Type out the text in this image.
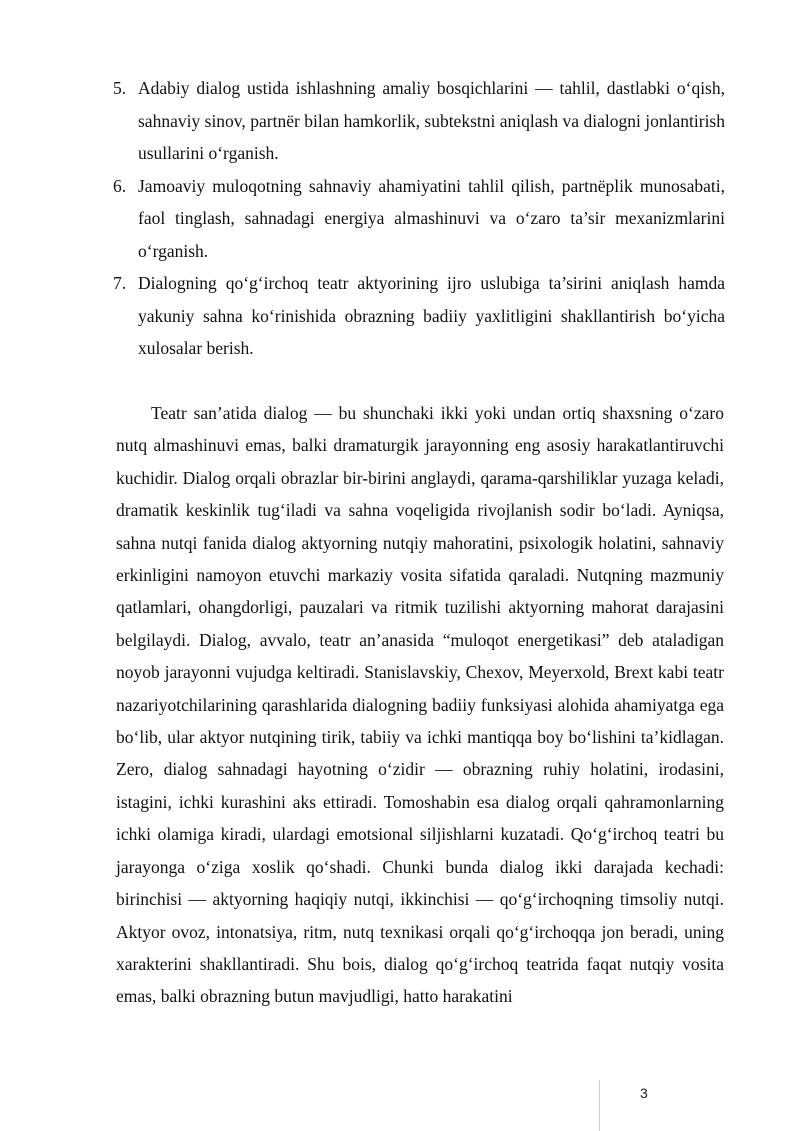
5. Adabiy dialog ustida ishlashning amaliy bosqichlarini — tahlil, dastlabki o‘qish, sahnaviy sinov, partnёr bilan hamkorlik, subtekstni aniqlash va dialogni jonlantirish usullarini o‘rganish.
6. Jamoaviy muloqotning sahnaviy ahamiyatini tahlil qilish, partnёplik munosabati, faol tinglash, sahnadagi energiya almashinuvi va o‘zaro ta’sir mexanizmlarini o‘rganish.
7. Dialogning qo‘g‘irchoq teatr aktyorining ijro uslubiga ta’sirini aniqlash hamda yakuniy sahna ko‘rinishida obrazning badiiy yaxlitligini shakllantirish bo‘yicha xulosalar berish.

Teatr san’atida dialog — bu shunchaki ikki yoki undan ortiq shaxsning o‘zaro nutq almashinuvi emas, balki dramaturgik jarayonning eng asosiy harakatlantiruvchi kuchidir. Dialog orqali obrazlar bir-birini anglaydi, qarama-qarshiliklar yuzaga keladi, dramatik keskinlik tug‘iladi va sahna voqeligida rivojlanish sodir bo‘ladi. Ayniqsa, sahna nutqi fanida dialog aktyorning nutqiy mahoratini, psixologik holatini, sahnaviy erkinligini namoyon etuvchi markaziy vosita sifatida qaraladi. Nutqning mazmuniy qatlamlari, ohangdorligi, pauzalari va ritmik tuzilishi aktyorning mahorat darajasini belgilaydi. Dialog, avvalo, teatr an’anasida “muloqot energetikasi” deb ataladigan noyob jarayonni vujudga keltiradi. Stanislavskiy, Chexov, Meyerxold, Brext kabi teatr nazariyotchilarining qarashlarida dialogning badiiy funksiyasi alohida ahamiyatga ega bo‘lib, ular aktyor nutqining tirik, tabiiy va ichki mantiqqa boy bo‘lishini ta’kidlagan. Zero, dialog sahnadagi hayotning o‘zidir — obrazning ruhiy holatini, irodasini, istagini, ichki kurashini aks ettiradi. Tomoshabin esa dialog orqali qahramonlarning ichki olamiga kiradi, ulardagi emotsional siljishlarni kuzatadi. Qo‘g‘irchoq teatri bu jarayonga o‘ziga xoslik qo‘shadi. Chunki bunda dialog ikki darajada kechadi: birinchisi — aktyorning haqiqiy nutqi, ikkinchisi — qo‘g‘irchoqning timsoliy nutqi. Aktyor ovoz, intonatsiya, ritm, nutq texnikasi orqali qo‘g‘irchoqqa jon beradi, uning xarakterini shakllantiradi. Shu bois, dialog qo‘g‘irchoq teatrida faqat nutqiy vosita emas, balki obrazning butun mavjudligi, hatto harakatini

3
